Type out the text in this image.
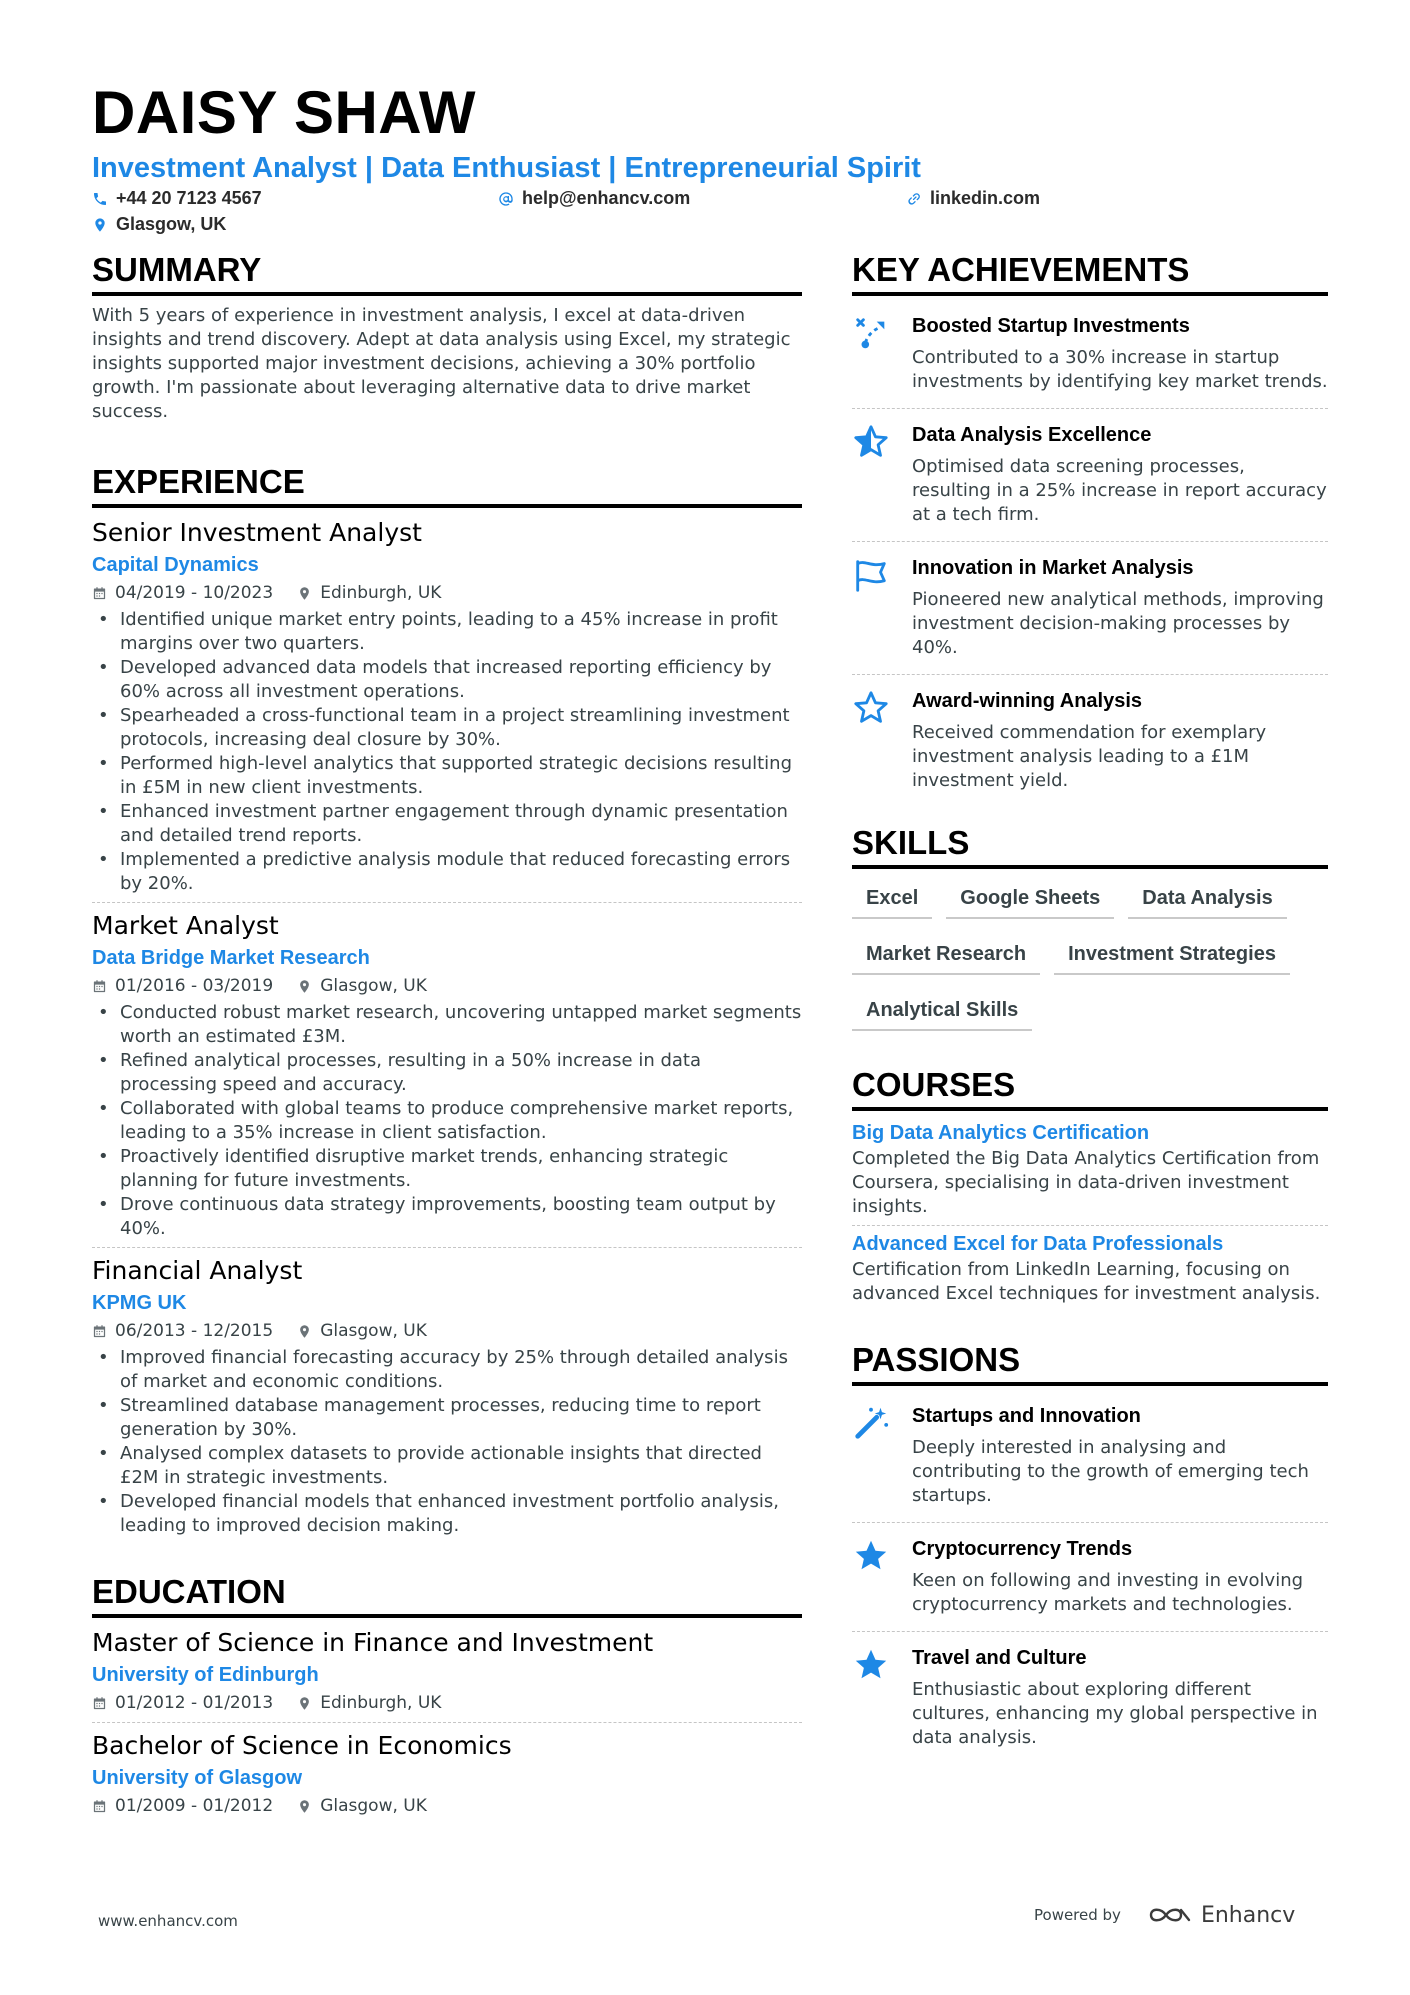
DAISY SHAW
Investment Analyst | Data Enthusiast | Entrepreneurial Spirit
+44 20 7123 4567	help@enhancv.com	linkedin.com
Glasgow, UK
SUMMARY
With 5 years of experience in investment analysis, I excel at data-driven insights and trend discovery. Adept at data analysis using Excel, my strategic insights supported major investment decisions, achieving a 30% portfolio growth. I'm passionate about leveraging alternative data to drive market success.
EXPERIENCE
Senior Investment Analyst
Capital Dynamics
04/2019 - 10/2023	Edinburgh, UK
• Identified unique market entry points, leading to a 45% increase in profit margins over two quarters.
• Developed advanced data models that increased reporting efficiency by 60% across all investment operations.
• Spearheaded a cross-functional team in a project streamlining investment protocols, increasing deal closure by 30%.
• Performed high-level analytics that supported strategic decisions resulting in £5M in new client investments.
• Enhanced investment partner engagement through dynamic presentation and detailed trend reports.
• Implemented a predictive analysis module that reduced forecasting errors by 20%.
Market Analyst
Data Bridge Market Research
01/2016 - 03/2019	Glasgow, UK
• Conducted robust market research, uncovering untapped market segments worth an estimated £3M.
• Refined analytical processes, resulting in a 50% increase in data processing speed and accuracy.
• Collaborated with global teams to produce comprehensive market reports, leading to a 35% increase in client satisfaction.
• Proactively identified disruptive market trends, enhancing strategic planning for future investments.
• Drove continuous data strategy improvements, boosting team output by 40%.
Financial Analyst
KPMG UK
06/2013 - 12/2015	Glasgow, UK
• Improved financial forecasting accuracy by 25% through detailed analysis of market and economic conditions.
• Streamlined database management processes, reducing time to report generation by 30%.
• Analysed complex datasets to provide actionable insights that directed £2M in strategic investments.
• Developed financial models that enhanced investment portfolio analysis, leading to improved decision making.
EDUCATION
Master of Science in Finance and Investment
University of Edinburgh
01/2012 - 01/2013	Edinburgh, UK
Bachelor of Science in Economics
University of Glasgow
01/2009 - 01/2012	Glasgow, UK
KEY ACHIEVEMENTS
Boosted Startup Investments
Contributed to a 30% increase in startup investments by identifying key market trends.
Data Analysis Excellence
Optimised data screening processes, resulting in a 25% increase in report accuracy at a tech firm.
Innovation in Market Analysis
Pioneered new analytical methods, improving investment decision-making processes by 40%.
Award-winning Analysis
Received commendation for exemplary investment analysis leading to a £1M investment yield.
SKILLS
Excel	Google Sheets	Data Analysis
Market Research	Investment Strategies
Analytical Skills
COURSES
Big Data Analytics Certification
Completed the Big Data Analytics Certification from Coursera, specialising in data-driven investment insights.
Advanced Excel for Data Professionals
Certification from LinkedIn Learning, focusing on advanced Excel techniques for investment analysis.
PASSIONS
Startups and Innovation
Deeply interested in analysing and contributing to the growth of emerging tech startups.
Cryptocurrency Trends
Keen on following and investing in evolving cryptocurrency markets and technologies.
Travel and Culture
Enthusiastic about exploring different cultures, enhancing my global perspective in data analysis.
www.enhancv.com	Powered by	Enhancv
